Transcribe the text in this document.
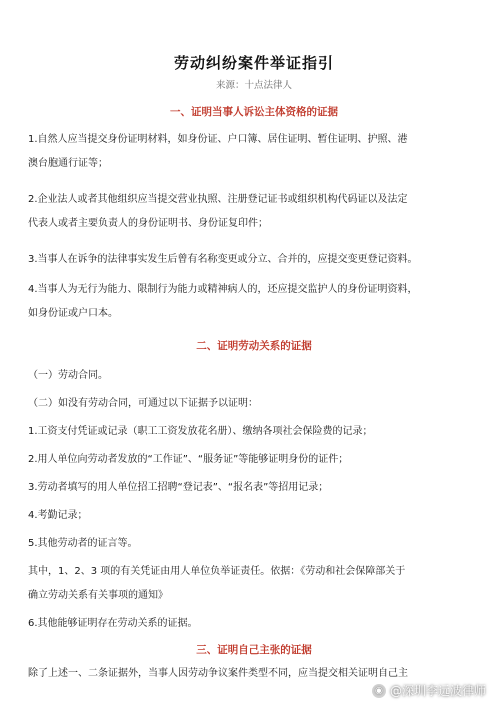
劳动纠纷案件举证指引
来源：十点法律人
一、证明当事人诉讼主体资格的证据
1.自然人应当提交身份证明材料，如身份证、户口簿、居住证明、暂住证明、护照、港
澳台胞通行证等；
2.企业法人或者其他组织应当提交营业执照、注册登记证书或组织机构代码证以及法定
代表人或者主要负责人的身份证明书、身份证复印件；
3.当事人在诉争的法律事实发生后曾有名称变更或分立、合并的，应提交变更登记资料。
4.当事人为无行为能力、限制行为能力或精神病人的，还应提交监护人的身份证明资料，
如身份证或户口本。
二、证明劳动关系的证据
（一）劳动合同。
（二）如没有劳动合同，可通过以下证据予以证明：
1.工资支付凭证或记录（职工工资发放花名册）、缴纳各项社会保险费的记录；
2.用人单位向劳动者发放的“工作证”、“服务证”等能够证明身份的证件；
3.劳动者填写的用人单位招工招聘“登记表”、“报名表”等招用记录；
4.考勤记录；
5.其他劳动者的证言等。
其中，1、2、3 项的有关凭证由用人单位负举证责任。依据：《劳动和社会保障部关于
确立劳动关系有关事项的通知》
6.其他能够证明存在劳动关系的证据。
三、证明自己主张的证据
除了上述一、二条证据外，当事人因劳动争议案件类型不同，应当提交相关证明自己主
◉ @深圳李远波律师
